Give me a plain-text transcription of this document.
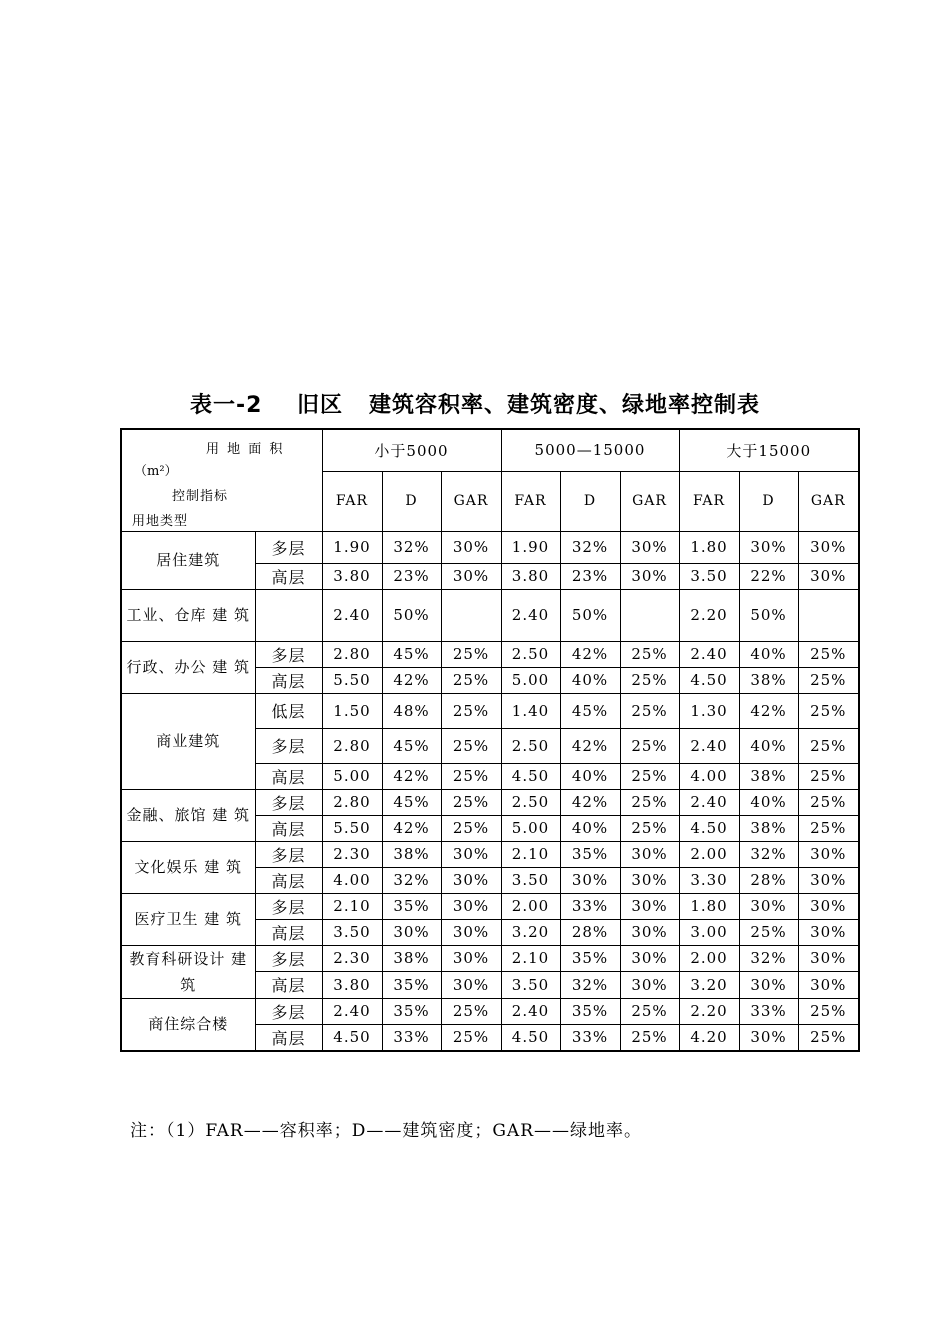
表一-2    旧区   建筑容积率、建筑密度、绿地率控制表
用 地 面 积
（m²）
控制指标
用地类型		小于5000			5000—15000			大于15000		
		FAR	D	GAR	FAR	D	GAR	FAR	D	GAR
居住建筑	多层	1.90	32%	30%	1.90	32%	30%	1.80	30%	30%
	高层	3.80	23%	30%	3.80	23%	30%	3.50	22%	30%
工业、仓库 建 筑		2.40	50%		2.40	50%		2.20	50%	
行政、办公 建 筑	多层	2.80	45%	25%	2.50	42%	25%	2.40	40%	25%
	高层	5.50	42%	25%	5.00	40%	25%	4.50	38%	25%
商业建筑	低层	1.50	48%	25%	1.40	45%	25%	1.30	42%	25%
	多层	2.80	45%	25%	2.50	42%	25%	2.40	40%	25%
	高层	5.00	42%	25%	4.50	40%	25%	4.00	38%	25%
金融、旅馆 建 筑	多层	2.80	45%	25%	2.50	42%	25%	2.40	40%	25%
	高层	5.50	42%	25%	5.00	40%	25%	4.50	38%	25%
文化娱乐 建 筑	多层	2.30	38%	30%	2.10	35%	30%	2.00	32%	30%
	高层	4.00	32%	30%	3.50	30%	30%	3.30	28%	30%
医疗卫生 建 筑	多层	2.10	35%	30%	2.00	33%	30%	1.80	30%	30%
	高层	3.50	30%	30%	3.20	28%	30%	3.00	25%	30%
教育科研设计 建 筑	多层	2.30	38%	30%	2.10	35%	30%	2.00	32%	30%
	高层	3.80	35%	30%	3.50	32%	30%	3.20	30%	30%
商住综合楼	多层	2.40	35%	25%	2.40	35%	25%	2.20	33%	25%
	高层	4.50	33%	25%	4.50	33%	25%	4.20	30%	25%
注：（1）FAR——容积率；D——建筑密度；GAR——绿地率。
